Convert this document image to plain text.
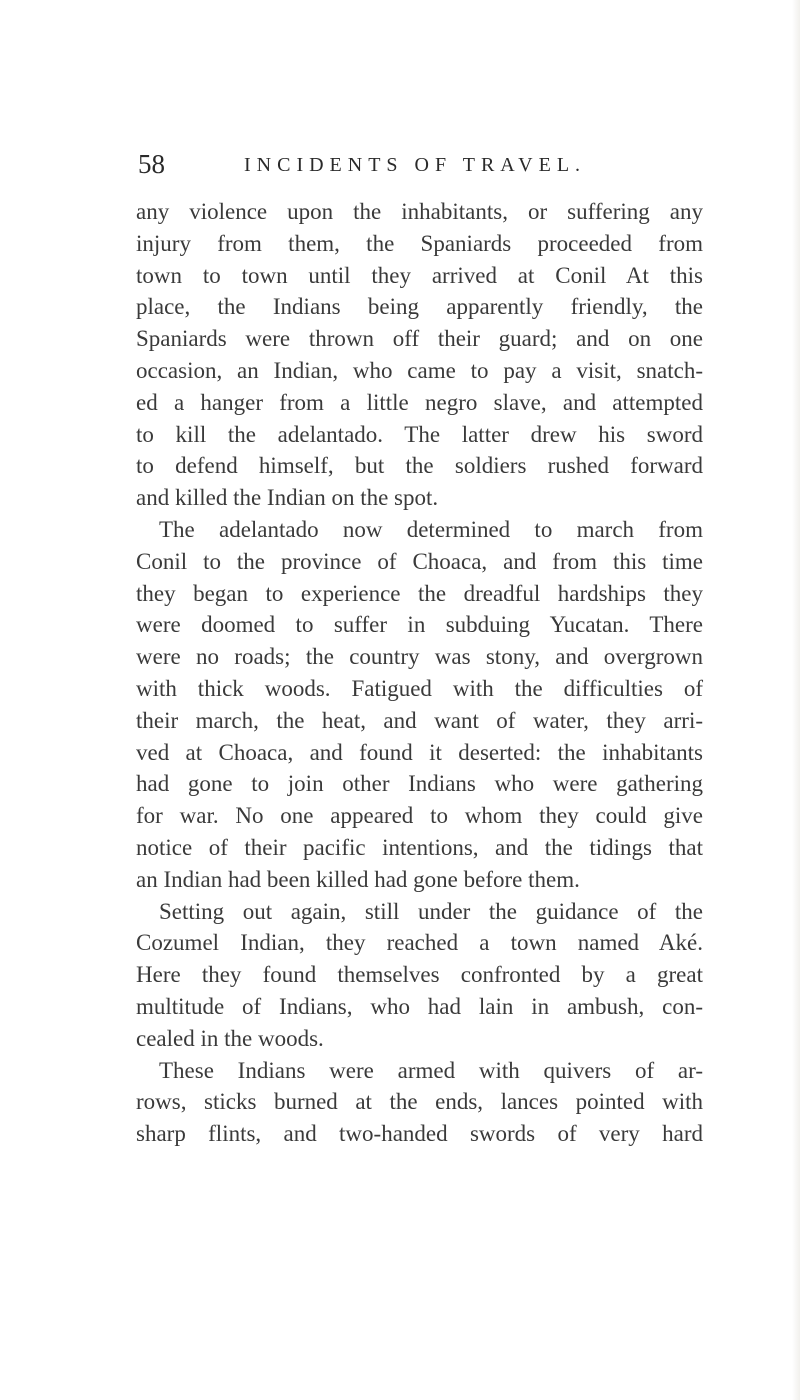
58	INCIDENTS OF TRAVEL.
any violence upon the inhabitants, or suffering any
injury from them, the Spaniards proceeded from
town to town until they arrived at Conil At this
place, the Indians being apparently friendly, the
Spaniards were thrown off their guard; and on one
occasion, an Indian, who came to pay a visit, snatch-
ed a hanger from a little negro slave, and attempted
to kill the adelantado. The latter drew his sword
to defend himself, but the soldiers rushed forward
and killed the Indian on the spot.
The adelantado now determined to march from
Conil to the province of Choaca, and from this time
they began to experience the dreadful hardships they
were doomed to suffer in subduing Yucatan. There
were no roads; the country was stony, and overgrown
with thick woods. Fatigued with the difficulties of
their march, the heat, and want of water, they arri-
ved at Choaca, and found it deserted: the inhabitants
had gone to join other Indians who were gathering
for war. No one appeared to whom they could give
notice of their pacific intentions, and the tidings that
an Indian had been killed had gone before them.
Setting out again, still under the guidance of the
Cozumel Indian, they reached a town named Aké.
Here they found themselves confronted by a great
multitude of Indians, who had lain in ambush, con-
cealed in the woods.
These Indians were armed with quivers of ar-
rows, sticks burned at the ends, lances pointed with
sharp flints, and two-handed swords of very hard
